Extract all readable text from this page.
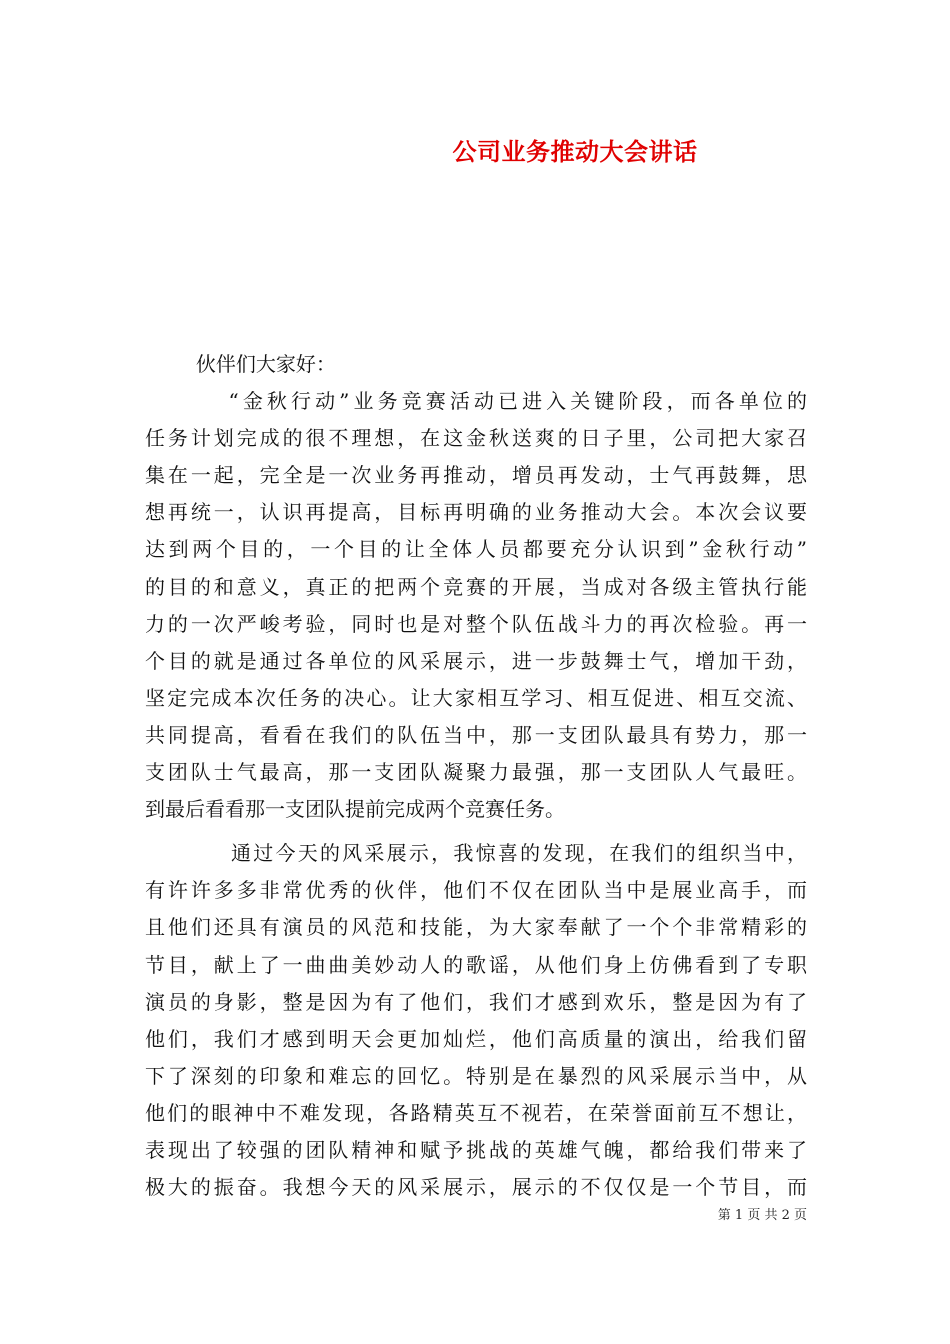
公司业务推动大会讲话
伙伴们大家好：
“金秋行动”业务竞赛活动已进入关键阶段，而各单位的
任务计划完成的很不理想，在这金秋送爽的日子里，公司把大家召
集在一起，完全是一次业务再推动，增员再发动，士气再鼓舞，思
想再统一，认识再提高，目标再明确的业务推动大会。本次会议要
达到两个目的，一个目的让全体人员都要充分认识到”金秋行动”
的目的和意义，真正的把两个竞赛的开展，当成对各级主管执行能
力的一次严峻考验，同时也是对整个队伍战斗力的再次检验。再一
个目的就是通过各单位的风采展示，进一步鼓舞士气，增加干劲，
坚定完成本次任务的决心。让大家相互学习、相互促进、相互交流、
共同提高，看看在我们的队伍当中，那一支团队最具有势力，那一
支团队士气最高，那一支团队凝聚力最强，那一支团队人气最旺。
到最后看看那一支团队提前完成两个竞赛任务。
通过今天的风采展示，我惊喜的发现，在我们的组织当中，
有许许多多非常优秀的伙伴，他们不仅在团队当中是展业高手，而
且他们还具有演员的风范和技能，为大家奉献了一个个非常精彩的
节目，献上了一曲曲美妙动人的歌谣，从他们身上仿佛看到了专职
演员的身影，整是因为有了他们，我们才感到欢乐，整是因为有了
他们，我们才感到明天会更加灿烂，他们高质量的演出，给我们留
下了深刻的印象和难忘的回忆。特别是在暴烈的风采展示当中，从
他们的眼神中不难发现，各路精英互不视若，在荣誉面前互不想让，
表现出了较强的团队精神和赋予挑战的英雄气魄，都给我们带来了
极大的振奋。我想今天的风采展示，展示的不仅仅是一个节目，而
第 1 页 共 2 页
